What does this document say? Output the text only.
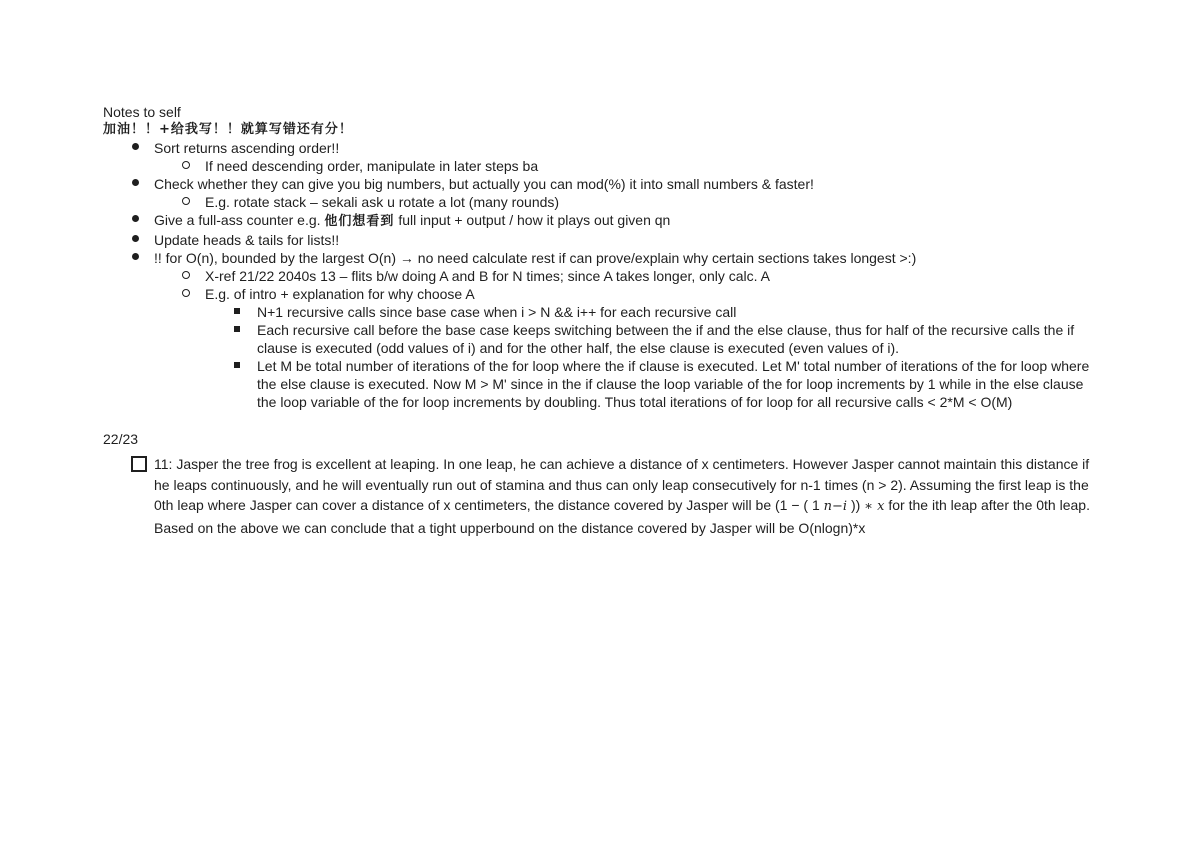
Notes to self

加油！！+给我写！！就算写错还有分！

Sort returns ascending order!!
If need descending order, manipulate in later steps ba
Check whether they can give you big numbers, but actually you can mod(%) it into small numbers & faster!
E.g. rotate stack – sekali ask u rotate a lot (many rounds)
Give a full-ass counter e.g. 他们想看到 full input + output / how it plays out given qn
Update heads & tails for lists!!
!! for O(n), bounded by the largest O(n) → no need calculate rest if can prove/explain why certain sections takes longest >:)
X-ref 21/22 2040s 13 – flits b/w doing A and B for N times; since A takes longer, only calc. A
E.g. of intro + explanation for why choose A
N+1 recursive calls since base case when i > N && i++ for each recursive call
Each recursive call before the base case keeps switching between the if and the else clause, thus for half of the recursive calls the if clause is executed (odd values of i) and for the other half, the else clause is executed (even values of i).
Let M be total number of iterations of the for loop where the if clause is executed. Let M' total number of iterations of the for loop where the else clause is executed. Now M > M' since in the if clause the loop variable of the for loop increments by 1 while in the else clause the loop variable of the for loop increments by doubling. Thus total iterations of for loop for all recursive calls < 2*M < O(M)

22/23

11: Jasper the tree frog is excellent at leaping. In one leap, he can achieve a distance of x centimeters. However Jasper cannot maintain this distance if he leaps continuously, and he will eventually run out of stamina and thus can only leap consecutively for n-1 times (n > 2). Assuming the first leap is the 0th leap where Jasper can cover a distance of x centimeters, the distance covered by Jasper will be (1 − ( 1 n−i )) ∗ x for the ith leap after the 0th leap. Based on the above we can conclude that a tight upperbound on the distance covered by Jasper will be O(nlogn)*x
